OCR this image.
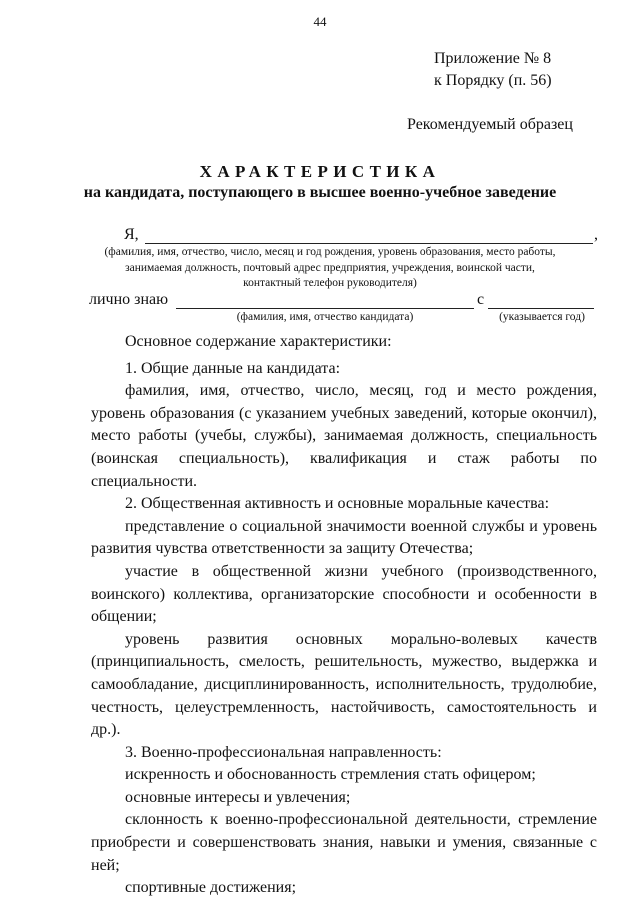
44
Приложение № 8
к Порядку (п. 56)
Рекомендуемый образец
ХАРАКТЕРИСТИКА
на кандидата, поступающего в высшее военно-учебное заведение
Я,	,
(фамилия, имя, отчество, число, месяц и год рождения, уровень образования, место работы,
занимаемая должность, почтовый адрес предприятия, учреждения, воинской части,
контактный телефон руководителя)
лично знаю	с
(фамилия, имя, отчество кандидата)	(указывается год)

Основное содержание характеристики:

1. Общие данные на кандидата:

фамилия, имя, отчество, число, месяц, год и место рождения, уровень образования (с указанием учебных заведений, которые окончил), место работы (учебы, службы), занимаемая должность, специальность (воинская специальность), квалификация и стаж работы по специальности.

2. Общественная активность и основные моральные качества:

представление о социальной значимости военной службы и уровень развития чувства ответственности за защиту Отечества;

участие в общественной жизни учебного (производственного, воинского) коллектива, организаторские способности и особенности в общении;

уровень развития основных морально-волевых качеств (принципиальность, смелость, решительность, мужество, выдержка и самообладание, дисциплинированность, исполнительность, трудолюбие, честность, целеустремленность, настойчивость, самостоятельность и др.).

3. Военно-профессиональная направленность:

искренность и обоснованность стремления стать офицером;

основные интересы и увлечения;

склонность к военно-профессиональной деятельности, стремление приобрести и совершенствовать знания, навыки и умения, связанные с ней;

спортивные достижения;
